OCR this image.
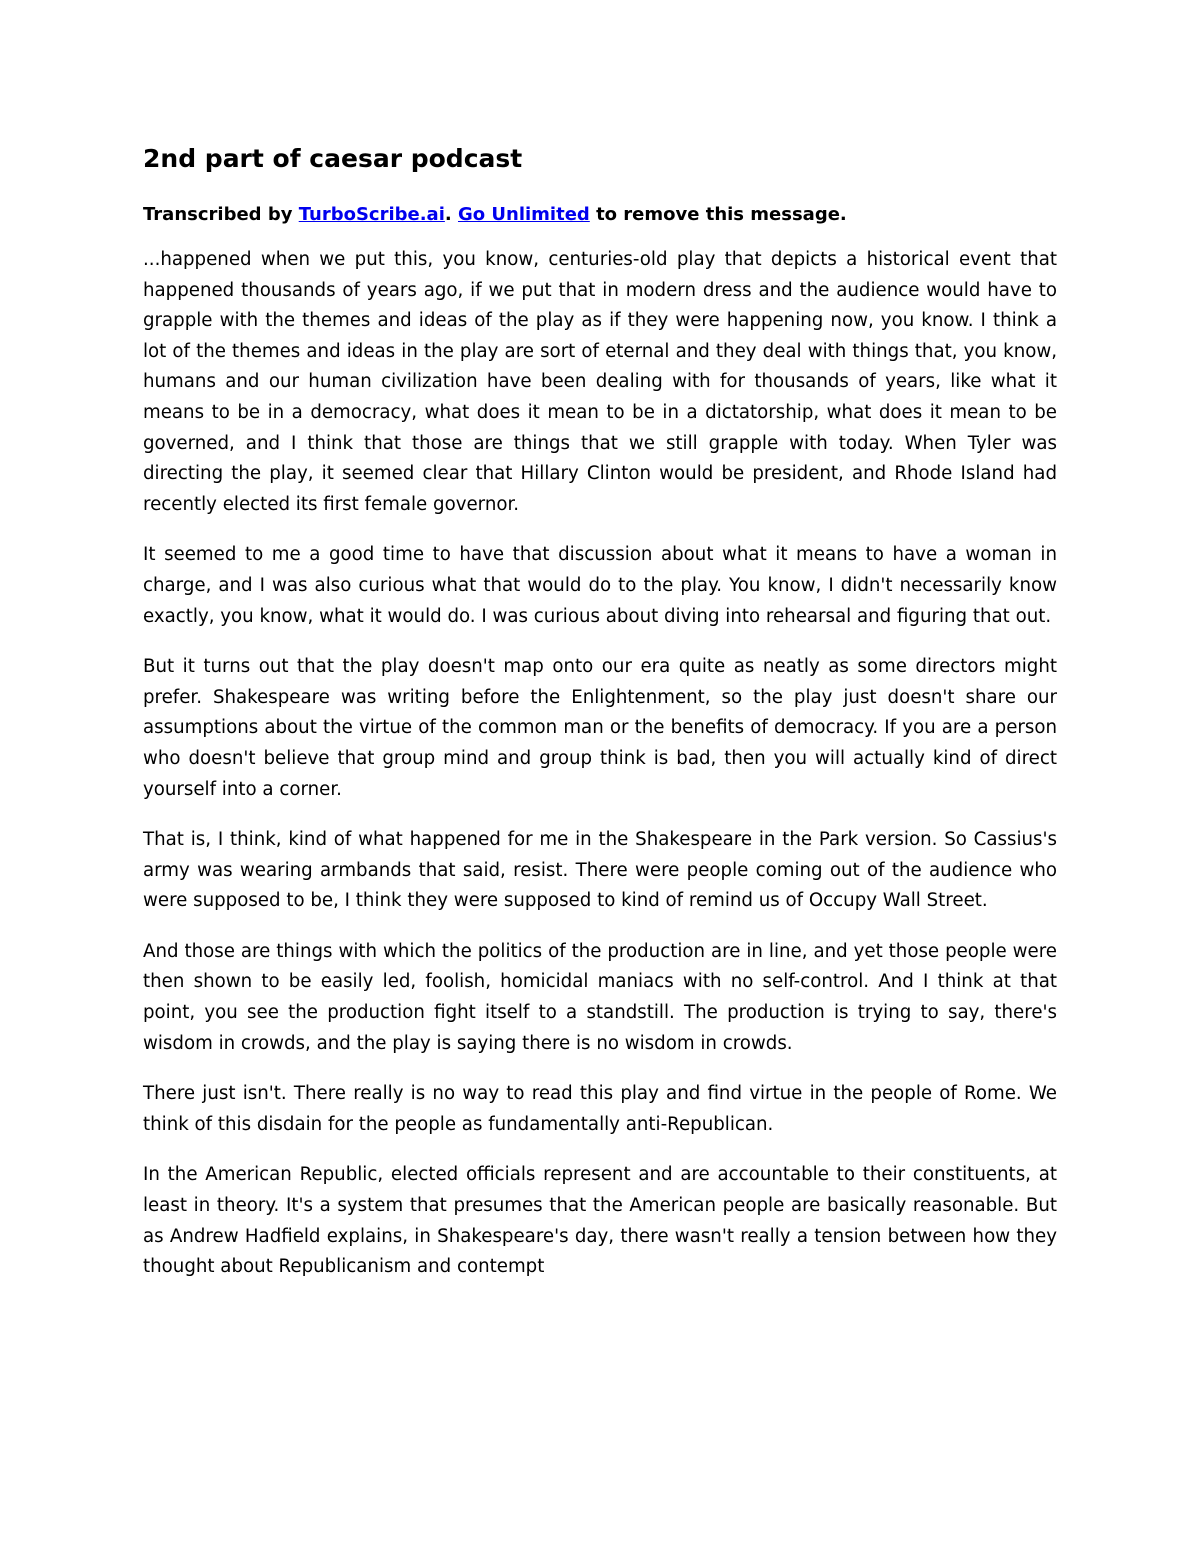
2nd part of caesar podcast

Transcribed by TurboScribe.ai. Go Unlimited to remove this message.

...happened when we put this, you know, centuries-old play that depicts a historical event that happened thousands of years ago, if we put that in modern dress and the audience would have to grapple with the themes and ideas of the play as if they were happening now, you know. I think a lot of the themes and ideas in the play are sort of eternal and they deal with things that, you know, humans and our human civilization have been dealing with for thousands of years, like what it means to be in a democracy, what does it mean to be in a dictatorship, what does it mean to be governed, and I think that those are things that we still grapple with today. When Tyler was directing the play, it seemed clear that Hillary Clinton would be president, and Rhode Island had recently elected its first female governor.

It seemed to me a good time to have that discussion about what it means to have a woman in charge, and I was also curious what that would do to the play. You know, I didn't necessarily know exactly, you know, what it would do. I was curious about diving into rehearsal and figuring that out.

But it turns out that the play doesn't map onto our era quite as neatly as some directors might prefer. Shakespeare was writing before the Enlightenment, so the play just doesn't share our assumptions about the virtue of the common man or the benefits of democracy. If you are a person who doesn't believe that group mind and group think is bad, then you will actually kind of direct yourself into a corner.

That is, I think, kind of what happened for me in the Shakespeare in the Park version. So Cassius's army was wearing armbands that said, resist. There were people coming out of the audience who were supposed to be, I think they were supposed to kind of remind us of Occupy Wall Street.

And those are things with which the politics of the production are in line, and yet those people were then shown to be easily led, foolish, homicidal maniacs with no self-control. And I think at that point, you see the production fight itself to a standstill. The production is trying to say, there's wisdom in crowds, and the play is saying there is no wisdom in crowds.

There just isn't. There really is no way to read this play and find virtue in the people of Rome. We think of this disdain for the people as fundamentally anti-Republican.

In the American Republic, elected officials represent and are accountable to their constituents, at least in theory. It's a system that presumes that the American people are basically reasonable. But as Andrew Hadfield explains, in Shakespeare's day, there wasn't really a tension between how they thought about Republicanism and contempt
